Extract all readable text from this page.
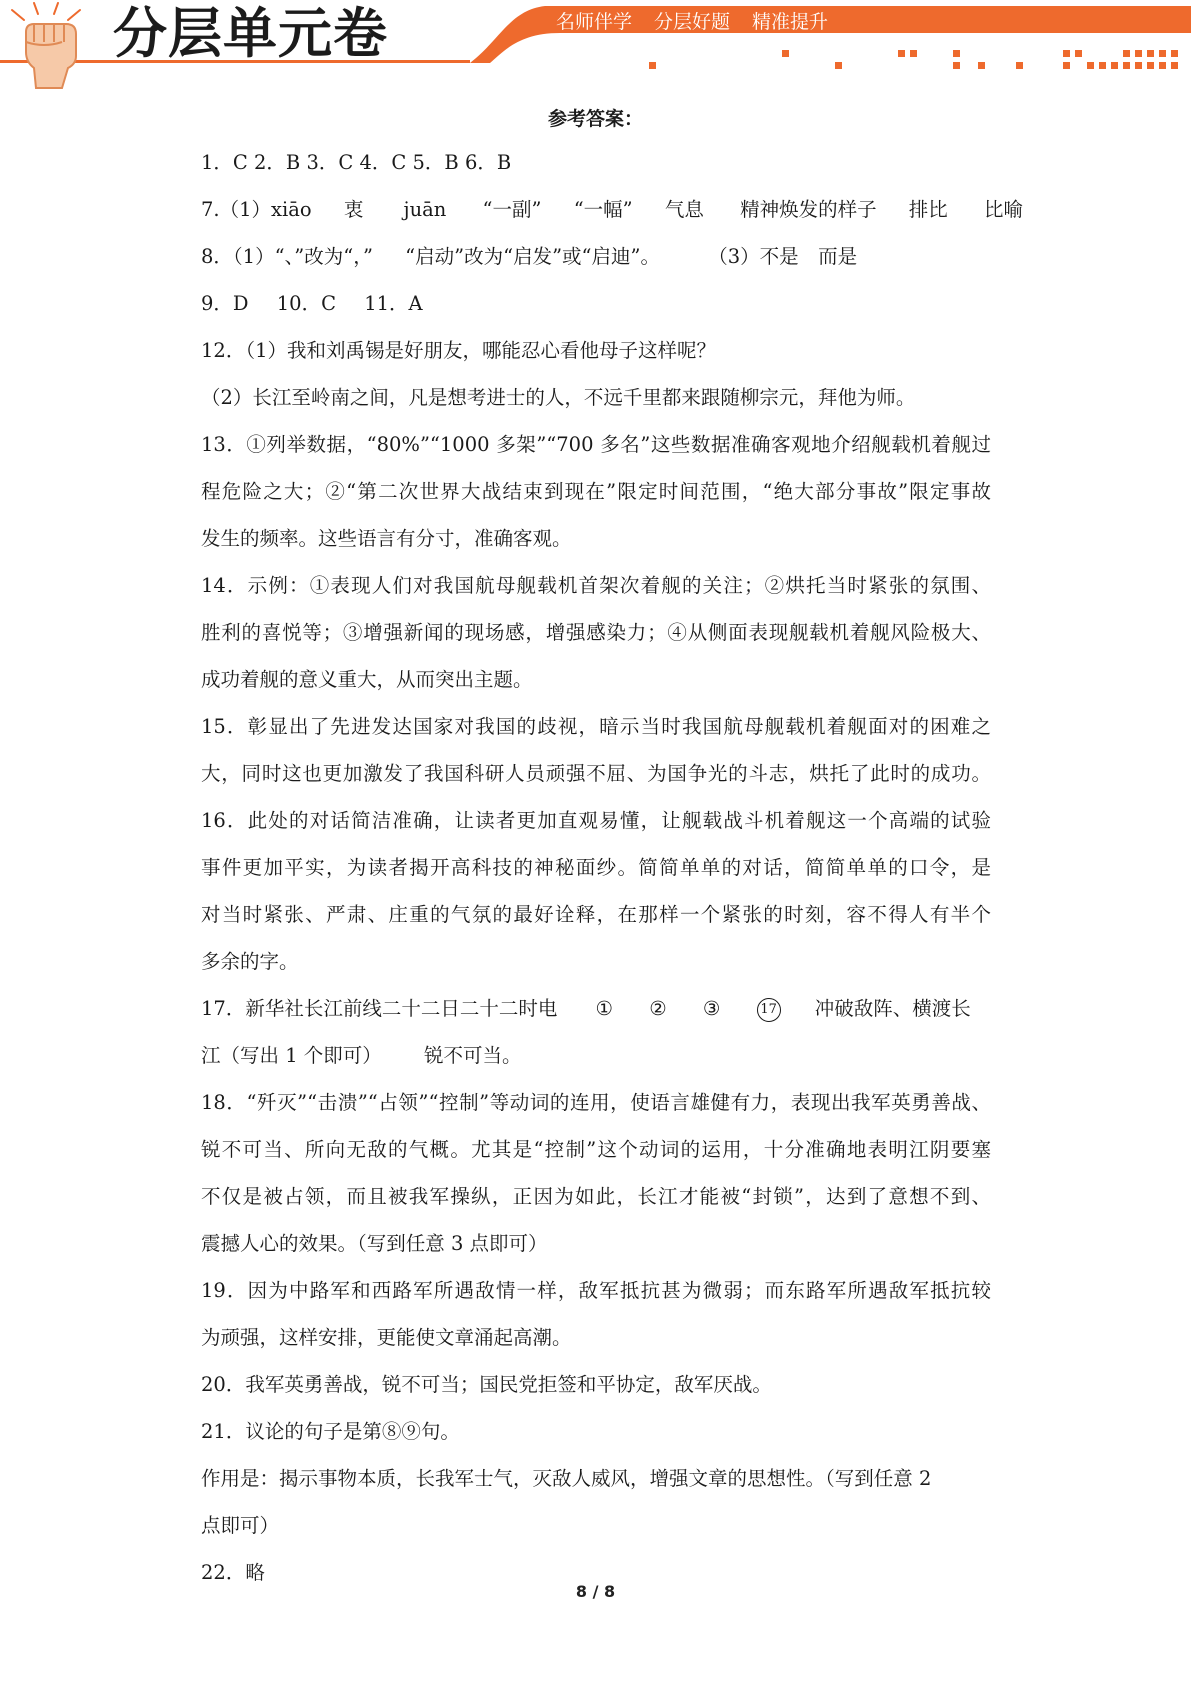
分层单元卷	名师伴学 分层好题 精准提升
参考答案：
1．C 2．B 3．C 4．C 5．B 6．B
7.（1）xiāo 衷 juān “一副” “一幅” 气息 精神焕发的样子 排比 比喻
8．（1）“、”改为“，” “启动”改为“启发”或“启迪”。 （3）不是　而是
9．D 10．C 11．A
12．（1）我和刘禹锡是好朋友，哪能忍心看他母子这样呢？
（2）长江至岭南之间，凡是想考进士的人，不远千里都来跟随柳宗元，拜他为师。
13．①列举数据，“80%”“1000 多架”“700 多名”这些数据准确客观地介绍舰载机着舰过
程危险之大；②“第二次世界大战结束到现在”限定时间范围，“绝大部分事故”限定事故
发生的频率。这些语言有分寸，准确客观。
14．示例：①表现人们对我国航母舰载机首架次着舰的关注；②烘托当时紧张的氛围、
胜利的喜悦等；③增强新闻的现场感，增强感染力；④从侧面表现舰载机着舰风险极大、
成功着舰的意义重大，从而突出主题。
15．彰显出了先进发达国家对我国的歧视，暗示当时我国航母舰载机着舰面对的困难之
大，同时这也更加激发了我国科研人员顽强不屈、为国争光的斗志，烘托了此时的成功。
16．此处的对话简洁准确，让读者更加直观易懂，让舰载战斗机着舰这一个高端的试验
事件更加平实，为读者揭开高科技的神秘面纱。简简单单的对话，简简单单的口令，是
对当时紧张、严肃、庄重的气氛的最好诠释，在那样一个紧张的时刻，容不得人有半个
多余的字。
17．新华社长江前线二十二日二十二时电 ① ② ③	17 冲破敌阵、横渡长
江（写出 1 个即可） 锐不可当。
18．“歼灭”“击溃”“占领”“控制”等动词的连用，使语言雄健有力，表现出我军英勇善战、
锐不可当、所向无敌的气概。尤其是“控制”这个动词的运用，十分准确地表明江阴要塞
不仅是被占领，而且被我军操纵，正因为如此，长江才能被“封锁”，达到了意想不到、
震撼人心的效果。（写到任意 3 点即可）
19．因为中路军和西路军所遇敌情一样，敌军抵抗甚为微弱；而东路军所遇敌军抵抗较
为顽强，这样安排，更能使文章涌起高潮。
20．我军英勇善战，锐不可当；国民党拒签和平协定，敌军厌战。
21．议论的句子是第⑧⑨句。
作用是：揭示事物本质，长我军士气，灭敌人威风，增强文章的思想性。（写到任意 2
点即可）
22．略
8 / 8
